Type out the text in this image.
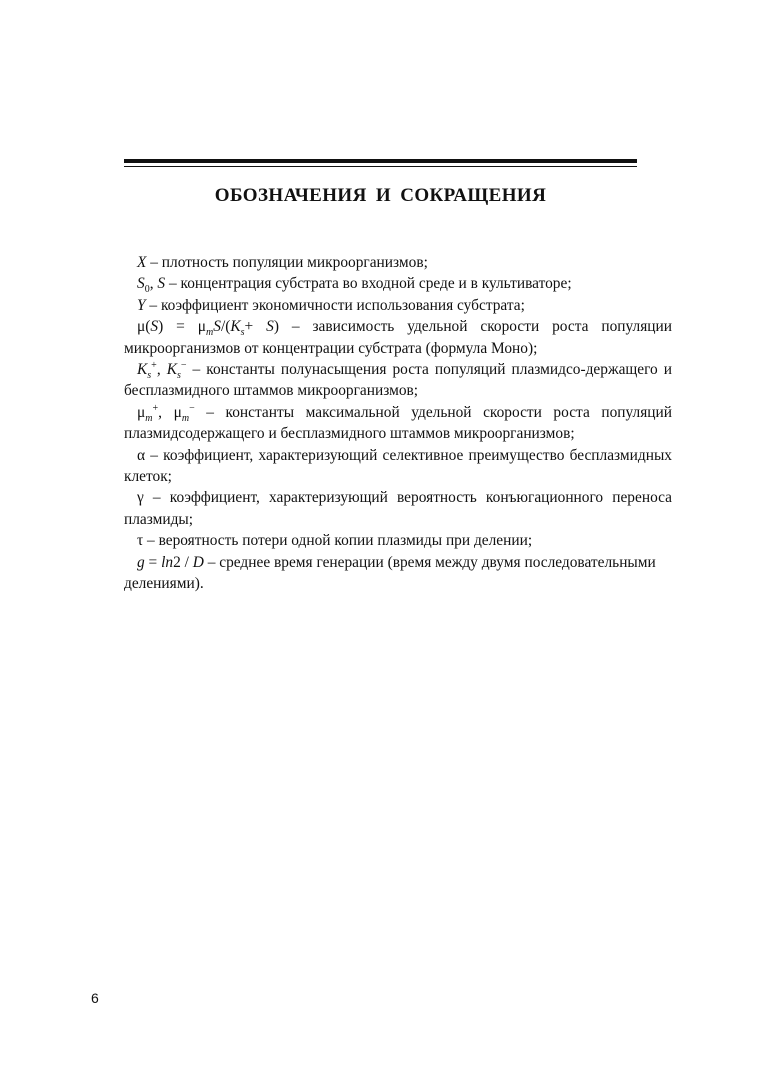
ОБОЗНАЧЕНИЯ И СОКРАЩЕНИЯ

X – плотность популяции микроорганизмов;

$S_0$, S – концентрация субстрата во входной среде и в культиваторе;

Y – коэффициент экономичности использования субстрата;

$\mu(S) = \mu_mS/(K_s+ S)$ – зависимость удельной скорости роста популяции микроорганизмов от концентрации субстрата (формула Моно);

$K_s^+$, $K_s^-$ – константы полунасыщения роста популяций плазмидсо-держащего и бесплазмидного штаммов микроорганизмов;

$\mu_m^+$, $\mu_m^-$ – константы максимальной удельной скорости роста популяций плазмидсодержащего и бесплазмидного штаммов микроорганизмов;

α – коэффициент, характеризующий селективное преимущество бесплазмидных клеток;

γ – коэффициент, характеризующий вероятность конъюгационного переноса плазмиды;

τ – вероятность потери одной копии плазмиды при делении;

g = ln2 / D – среднее время генерации (время между двумя последовательными делениями).

6
